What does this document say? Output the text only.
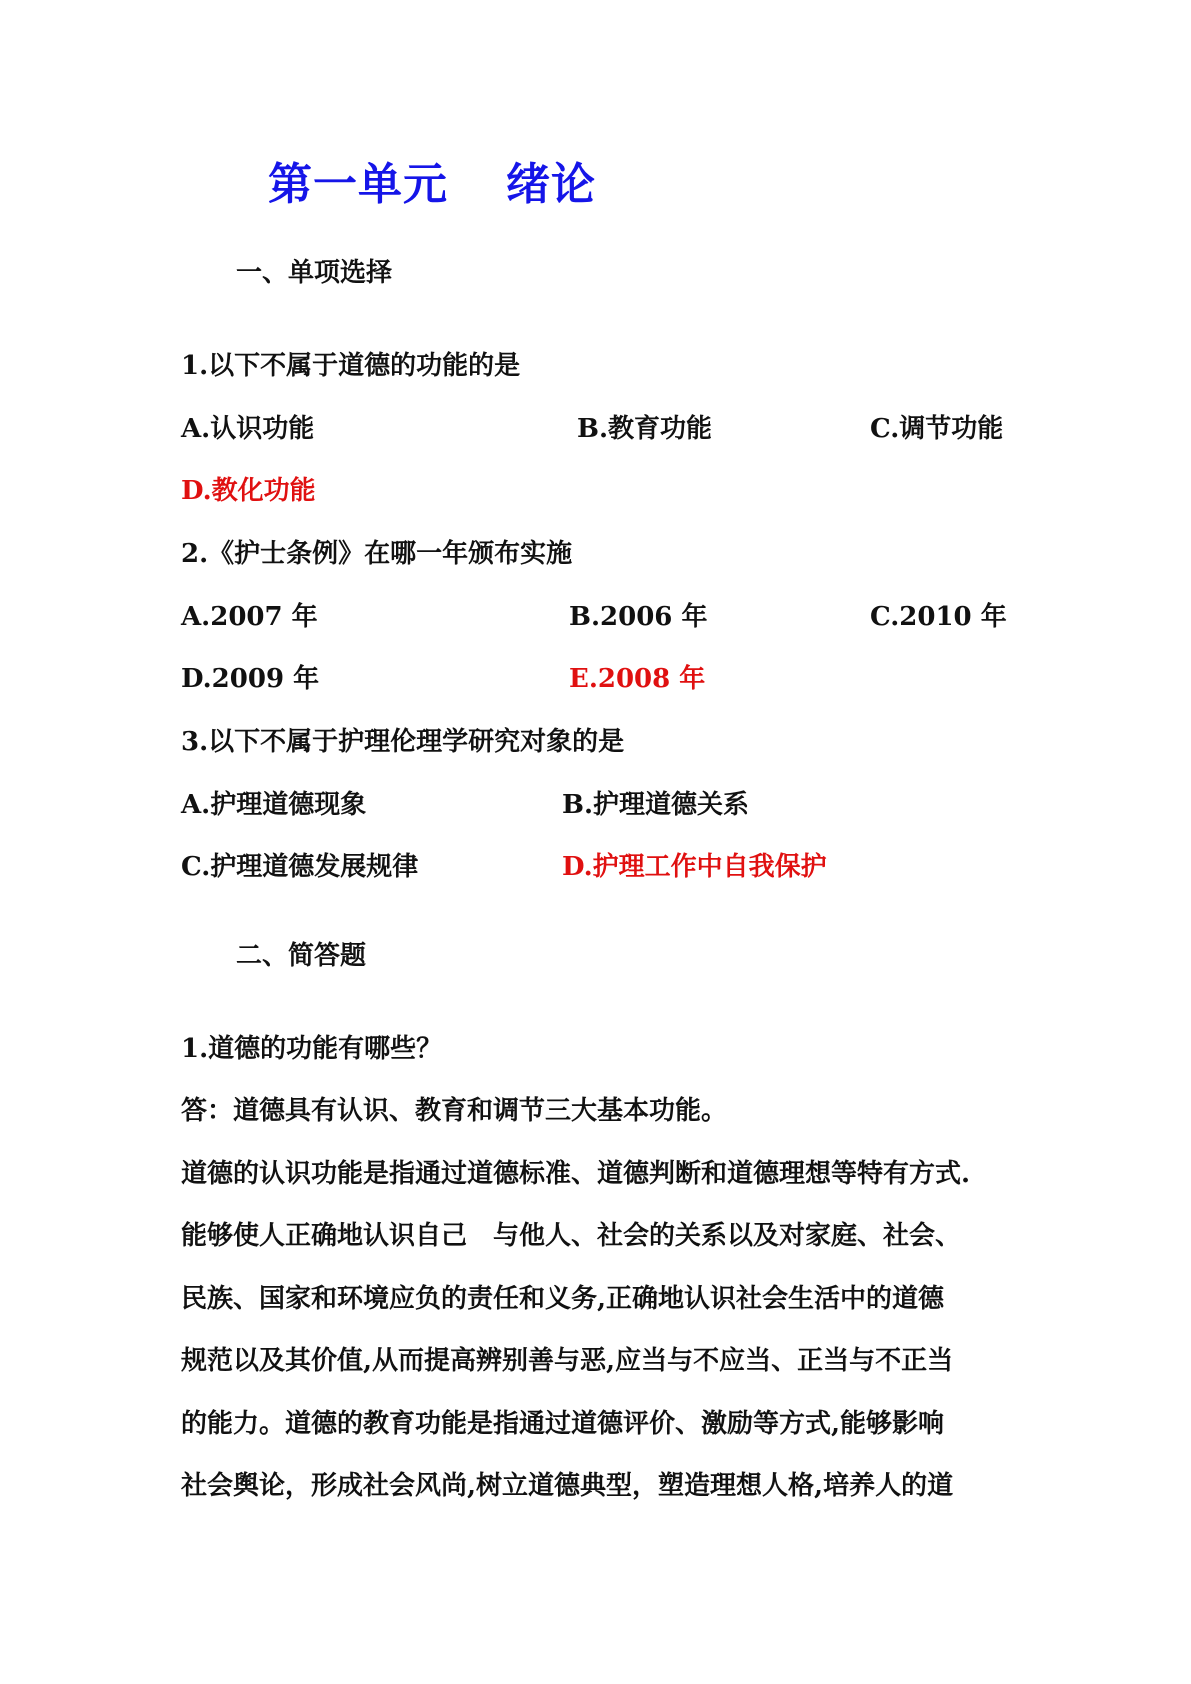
第一单元 绪论
一、单项选择
1.以下不属于道德的功能的是
A.认识功能	B.教育功能	C.调节功能
D.教化功能
2.《护士条例》在哪一年颁布实施
A.2007 年	B.2006 年	C.2010 年
D.2009 年	E.2008 年
3.以下不属于护理伦理学研究对象的是
A.护理道德现象	B.护理道德关系
C.护理道德发展规律	D.护理工作中自我保护
二、简答题
1.道德的功能有哪些？
答：道德具有认识、教育和调节三大基本功能。
道德的认识功能是指通过道德标准、道德判断和道德理想等特有方式.
能够使人正确地认识自己　与他人、社会的关系以及对家庭、社会、
民族、国家和环境应负的责任和义务,正确地认识社会生活中的道德
规范以及其价值,从而提高辨别善与恶,应当与不应当、正当与不正当
的能力。道德的教育功能是指通过道德评价、激励等方式,能够影响
社会舆论，形成社会风尚,树立道德典型，塑造理想人格,培养人的道
